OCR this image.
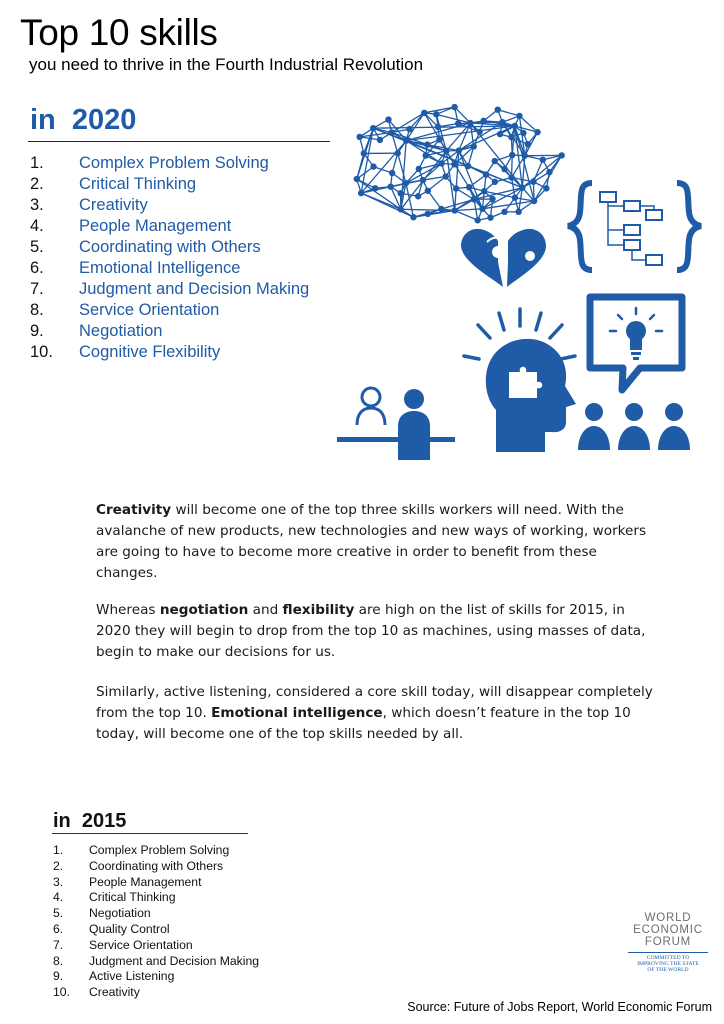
Top 10 skills
you need to thrive in the Fourth Industrial Revolution
in  2020
1. Complex Problem Solving
2. Critical Thinking
3. Creativity
4. People Management
5. Coordinating with Others
6. Emotional Intelligence
7. Judgment and Decision Making
8. Service Orientation
9. Negotiation
10. Cognitive Flexibility
Creativity will become one of the top three skills workers will need. With the avalanche of new products, new technologies and new ways of working, workers are going to have to become more creative in order to benefit from these changes.
Whereas negotiation and flexibility are high on the list of skills for 2015, in 2020 they will begin to drop from the top 10 as machines, using masses of data, begin to make our decisions for us.
Similarly, active listening, considered a core skill today, will disappear completely from the top 10. Emotional intelligence, which doesn’t feature in the top 10 today, will become one of the top skills needed by all.
in  2015
1. Complex Problem Solving
2. Coordinating with Others
3. People Management
4. Critical Thinking
5. Negotiation
6. Quality Control
7. Service Orientation
8. Judgment and Decision Making
9. Active Listening
10. Creativity
WORLD
ECONOMIC
FORUM
COMMITTED TO
IMPROVING THE STATE
OF THE WORLD
Source: Future of Jobs Report, World Economic Forum
